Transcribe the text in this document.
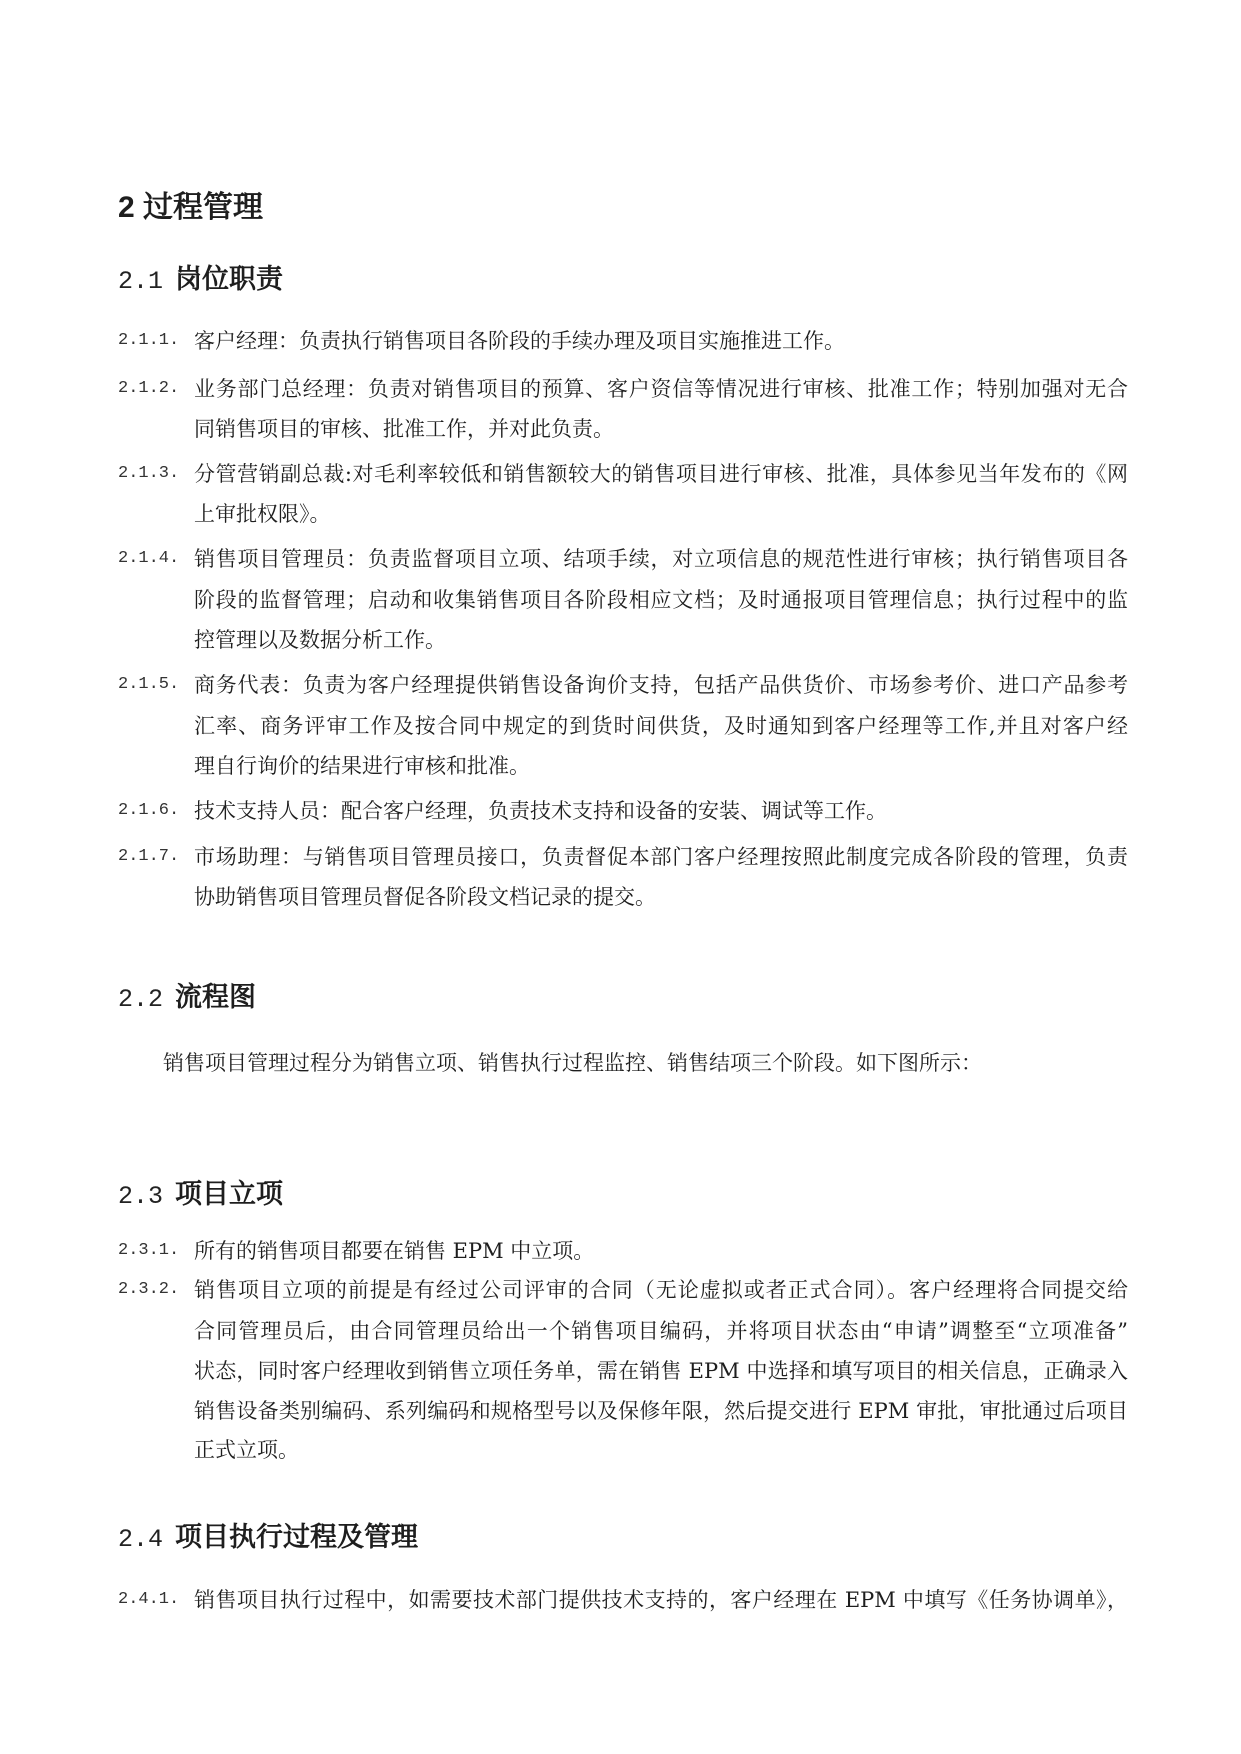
2 过程管理
2.1 岗位职责
2.1.1. 客户经理：负责执行销售项目各阶段的手续办理及项目实施推进工作。
2.1.2. 业务部门总经理：负责对销售项目的预算、客户资信等情况进行审核、批准工作；特别加强对无合
同销售项目的审核、批准工作，并对此负责。
2.1.3. 分管营销副总裁:对毛利率较低和销售额较大的销售项目进行审核、批准，具体参见当年发布的《网
上审批权限》。
2.1.4. 销售项目管理员：负责监督项目立项、结项手续，对立项信息的规范性进行审核；执行销售项目各
阶段的监督管理；启动和收集销售项目各阶段相应文档；及时通报项目管理信息；执行过程中的监
控管理以及数据分析工作。
2.1.5. 商务代表：负责为客户经理提供销售设备询价支持，包括产品供货价、市场参考价、进口产品参考
汇率、商务评审工作及按合同中规定的到货时间供货，及时通知到客户经理等工作,并且对客户经
理自行询价的结果进行审核和批准。
2.1.6. 技术支持人员：配合客户经理，负责技术支持和设备的安装、调试等工作。
2.1.7. 市场助理：与销售项目管理员接口，负责督促本部门客户经理按照此制度完成各阶段的管理，负责
协助销售项目管理员督促各阶段文档记录的提交。
2.2 流程图
销售项目管理过程分为销售立项、销售执行过程监控、销售结项三个阶段。如下图所示：
2.3 项目立项
2.3.1. 所有的销售项目都要在销售 EPM 中立项。
2.3.2. 销售项目立项的前提是有经过公司评审的合同（无论虚拟或者正式合同）。客户经理将合同提交给
合同管理员后，由合同管理员给出一个销售项目编码，并将项目状态由“申请”调整至“立项准备”
状态，同时客户经理收到销售立项任务单，需在销售 EPM 中选择和填写项目的相关信息，正确录入
销售设备类别编码、系列编码和规格型号以及保修年限，然后提交进行 EPM 审批，审批通过后项目
正式立项。
2.4 项目执行过程及管理
2.4.1. 销售项目执行过程中，如需要技术部门提供技术支持的，客户经理在 EPM 中填写《任务协调单》，
